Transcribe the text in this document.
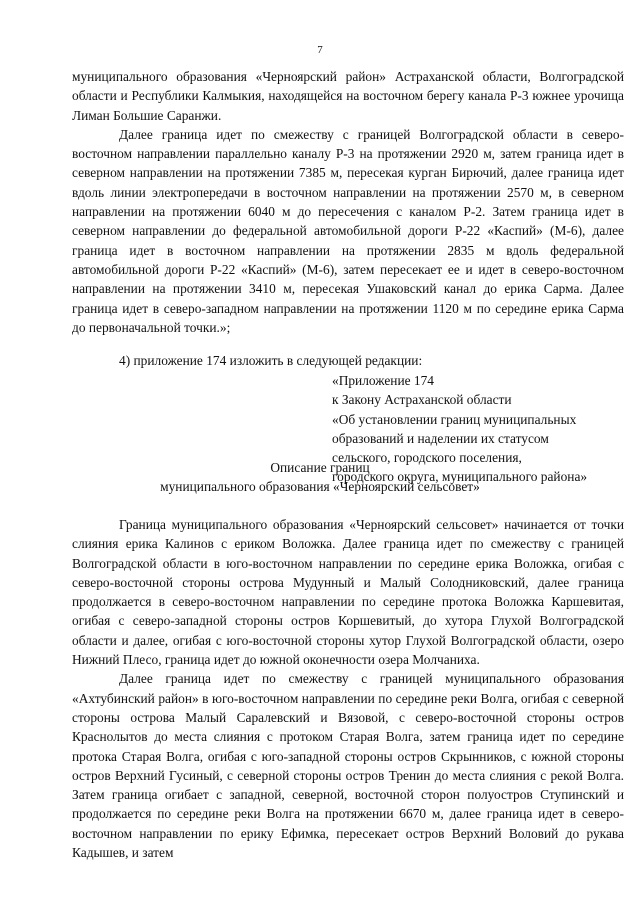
7

муниципального образования «Черноярский район» Астраханской области, Волгоградской области и Республики Калмыкия, находящейся на восточном берегу канала Р-3 южнее урочища Лиман Большие Саранжи.

Далее граница идет по смежеству с границей Волгоградской области в северо-восточном направлении параллельно каналу Р-3 на протяжении 2920 м, затем граница идет в северном направлении на протяжении 7385 м, пересекая курган Бирючий, далее граница идет вдоль линии электропередачи в восточном направлении на протяжении 2570 м, в северном направлении на протяжении 6040 м до пересечения с каналом Р-2. Затем граница идет в северном направлении до федеральной автомобильной дороги Р-22 «Каспий» (М-6), далее граница идет в восточном направлении на протяжении 2835 м вдоль федеральной автомобильной дороги Р-22 «Каспий» (М-6), затем пересекает ее и идет в северо-восточном направлении на протяжении 3410 м, пересекая Ушаковский канал до ерика Сарма. Далее граница идет в северо-западном направлении на протяжении 1120 м по середине ерика Сарма до первоначальной точки.»;

4) приложение 174 изложить в следующей редакции:
«Приложение 174
к Закону Астраханской области
«Об установлении границ муниципальных
образований и наделении их статусом
сельского, городского поселения,
городского округа, муниципального района»
Описание границ
муниципального образования «Черноярский сельсовет»

Граница муниципального образования «Черноярский сельсовет» начинается от точки слияния ерика Калинов с ериком Воложка. Далее граница идет по смежеству с границей Волгоградской области в юго-восточном направлении по середине ерика Воложка, огибая с северо-восточной стороны острова Мудунный и Малый Солодниковский, далее граница продолжается в северо-восточном направлении по середине протока Воложка Каршевитая, огибая с северо-западной стороны остров Коршевитый, до хутора Глухой Волгоградской области и далее, огибая с юго-восточной стороны хутор Глухой Волгоградской области, озеро Нижний Плесо, граница идет до южной оконечности озера Молчаниха.

Далее граница идет по смежеству с границей муниципального образования «Ахтубинский район» в юго-восточном направлении по середине реки Волга, огибая с северной стороны острова Малый Саралевский и Вязовой, с северо-восточной стороны остров Краснолытов до места слияния с протоком Старая Волга, затем граница идет по середине протока Старая Волга, огибая с юго-западной стороны остров Скрынников, с южной стороны остров Верхний Гусиный, с северной стороны остров Тренин до места слияния с рекой Волга. Затем граница огибает с западной, северной, восточной сторон полуостров Ступинский и продолжается по середине реки Волга на протяжении 6670 м, далее граница идет в северо-восточном направлении по ерику Ефимка, пересекает остров Верхний Воловий до рукава Кадышев, и затем
